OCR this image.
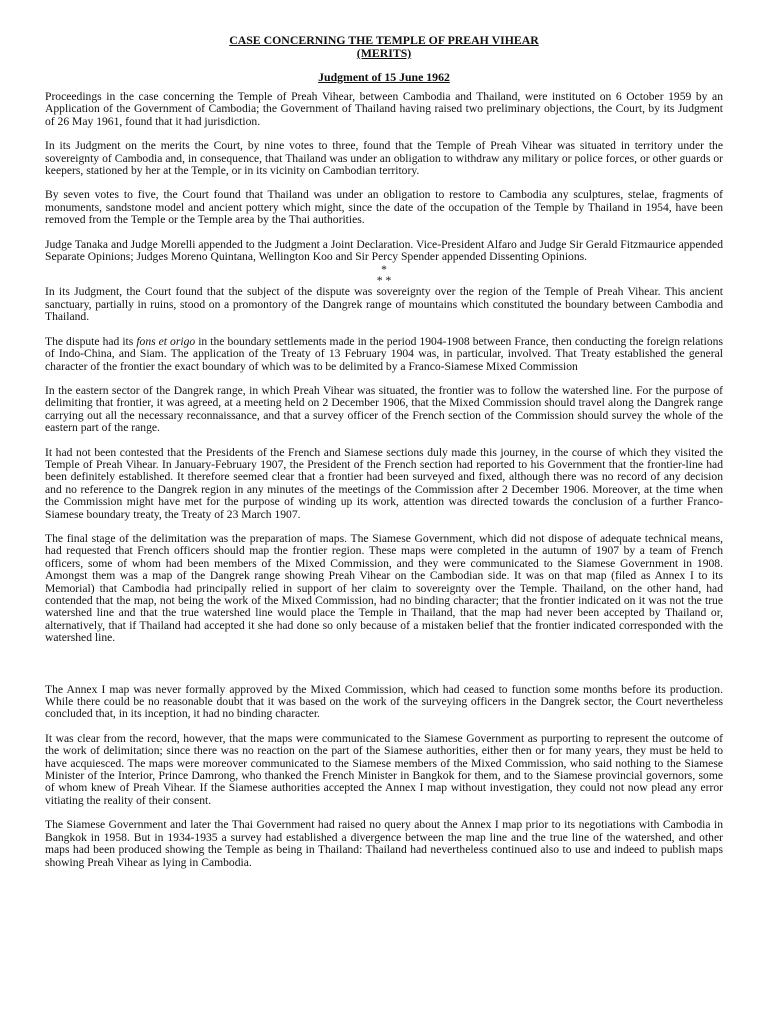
CASE CONCERNING THE TEMPLE OF PREAH VIHEAR
(MERITS)
Judgment of 15 June 1962

Proceedings in the case concerning the Temple of Preah Vihear, between Cambodia and Thailand, were instituted on 6 October 1959 by an Application of the Government of Cambodia; the Government of Thailand having raised two preliminary objections, the Court, by its Judgment of 26 May 1961, found that it had jurisdiction.

In its Judgment on the merits the Court, by nine votes to three, found that the Temple of Preah Vihear was situated in territory under the sovereignty of Cambodia and, in consequence, that Thailand was under an obligation to withdraw any military or police forces, or other guards or keepers, stationed by her at the Temple, or in its vicinity on Cambodian territory.

By seven votes to five, the Court found that Thailand was under an obligation to restore to Cambodia any sculptures, stelae, fragments of monuments, sandstone model and ancient pottery which might, since the date of the occupation of the Temple by Thailand in 1954, have been removed from the Temple or the Temple area by the Thai authorities.

Judge Tanaka and Judge Morelli appended to the Judgment a Joint Declaration. Vice-President Alfaro and Judge Sir Gerald Fitzmaurice appended Separate Opinions; Judges Moreno Quintana, Wellington Koo and Sir Percy Spender appended Dissenting Opinions.

*
* *

In its Judgment, the Court found that the subject of the dispute was sovereignty over the region of the Temple of Preah Vihear. This ancient sanctuary, partially in ruins, stood on a promontory of the Dangrek range of mountains which constituted the boundary between Cambodia and Thailand.

The dispute had its fons et origo in the boundary settlements made in the period 1904-1908 between France, then conducting the foreign relations of Indo-China, and Siam. The application of the Treaty of 13 February 1904 was, in particular, involved. That Treaty established the general character of the frontier the exact boundary of which was to be delimited by a Franco-Siamese Mixed Commission

In the eastern sector of the Dangrek range, in which Preah Vihear was situated, the frontier was to follow the watershed line. For the purpose of delimiting that frontier, it was agreed, at a meeting held on 2 December 1906, that the Mixed Commission should travel along the Dangrek range carrying out all the necessary reconnaissance, and that a survey officer of the French section of the Commission should survey the whole of the eastern part of the range.

It had not been contested that the Presidents of the French and Siamese sections duly made this journey, in the course of which they visited the Temple of Preah Vihear. In January-February 1907, the President of the French section had reported to his Government that the frontier-line had been definitely established. It therefore seemed clear that a frontier had been surveyed and fixed, although there was no record of any decision and no reference to the Dangrek region in any minutes of the meetings of the Commission after 2 December 1906. Moreover, at the time when the Commission might have met for the purpose of winding up its work, attention was directed towards the conclusion of a further Franco-Siamese boundary treaty, the Treaty of 23 March 1907.

The final stage of the delimitation was the preparation of maps. The Siamese Government, which did not dispose of adequate technical means, had requested that French officers should map the frontier region. These maps were completed in the autumn of 1907 by a team of French officers, some of whom had been members of the Mixed Commission, and they were communicated to the Siamese Government in 1908. Amongst them was a map of the Dangrek range showing Preah Vihear on the Cambodian side. It was on that map (filed as Annex I to its Memorial) that Cambodia had principally relied in support of her claim to sovereignty over the Temple. Thailand, on the other hand, had contended that the map, not being the work of the Mixed Commission, had no binding character; that the frontier indicated on it was not the true watershed line and that the true watershed line would place the Temple in Thailand, that the map had never been accepted by Thailand or, alternatively, that if Thailand had accepted it she had done so only because of a mistaken belief that the frontier indicated corresponded with the watershed line.

The Annex I map was never formally approved by the Mixed Commission, which had ceased to function some months before its production. While there could be no reasonable doubt that it was based on the work of the surveying officers in the Dangrek sector, the Court nevertheless concluded that, in its inception, it had no binding character.

It was clear from the record, however, that the maps were communicated to the Siamese Government as purporting to represent the outcome of the work of delimitation; since there was no reaction on the part of the Siamese authorities, either then or for many years, they must be held to have acquiesced. The maps were moreover communicated to the Siamese members of the Mixed Commission, who said nothing to the Siamese Minister of the Interior, Prince Damrong, who thanked the French Minister in Bangkok for them, and to the Siamese provincial governors, some of whom knew of Preah Vihear. If the Siamese authorities accepted the Annex I map without investigation, they could not now plead any error vitiating the reality of their consent.

The Siamese Government and later the Thai Government had raised no query about the Annex I map prior to its negotiations with Cambodia in Bangkok in 1958. But in 1934-1935 a survey had established a divergence between the map line and the true line of the watershed, and other maps had been produced showing the Temple as being in Thailand: Thailand had nevertheless continued also to use and indeed to publish maps showing Preah Vihear as lying in Cambodia.
